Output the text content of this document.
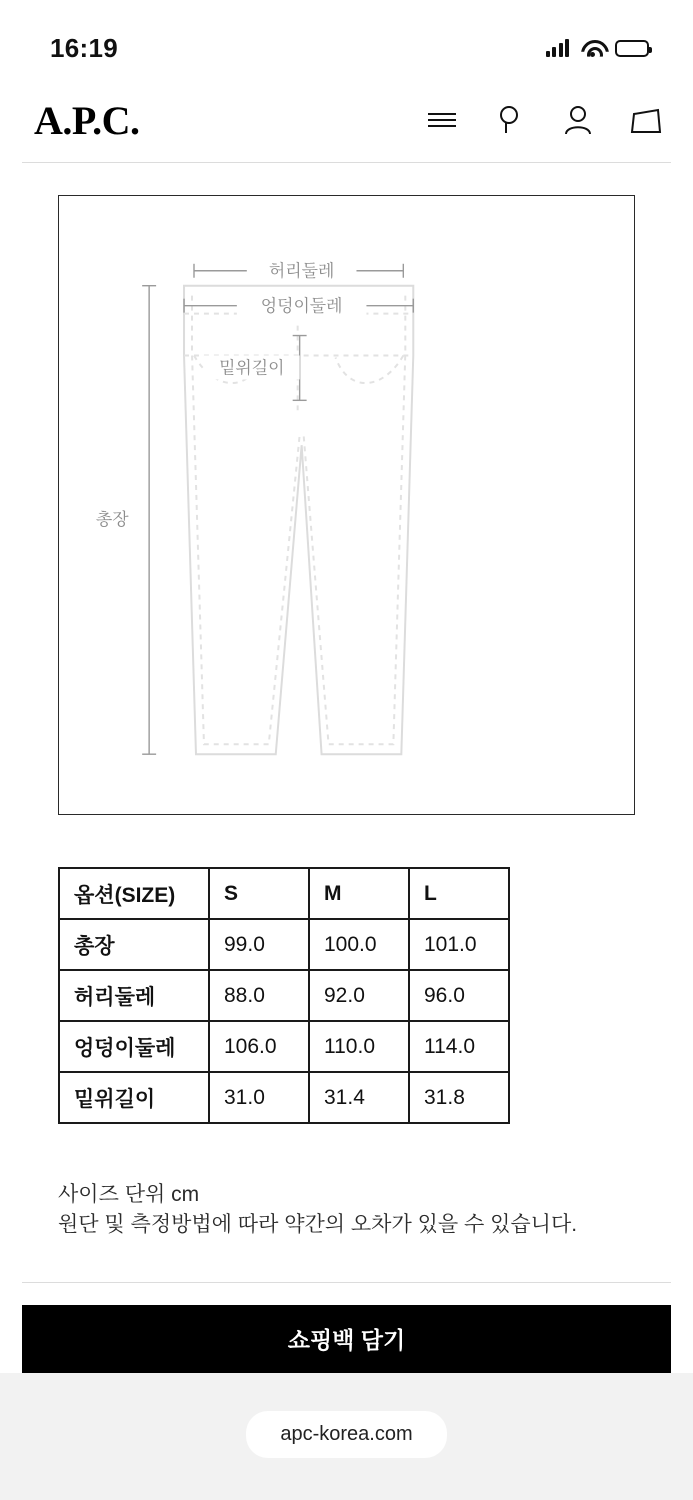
16:19
A.P.C.
허리둘레
엉덩이둘레
밑위길이
총장
옵션(SIZE)	S	M	L
총장	99.0	100.0	101.0
허리둘레	88.0	92.0	96.0
엉덩이둘레	106.0	110.0	114.0
밑위길이	31.0	31.4	31.8
사이즈 단위 cm
원단 및 측정방법에 따라 약간의 오차가 있을 수 있습니다.
쇼핑백 담기
apc-korea.com
